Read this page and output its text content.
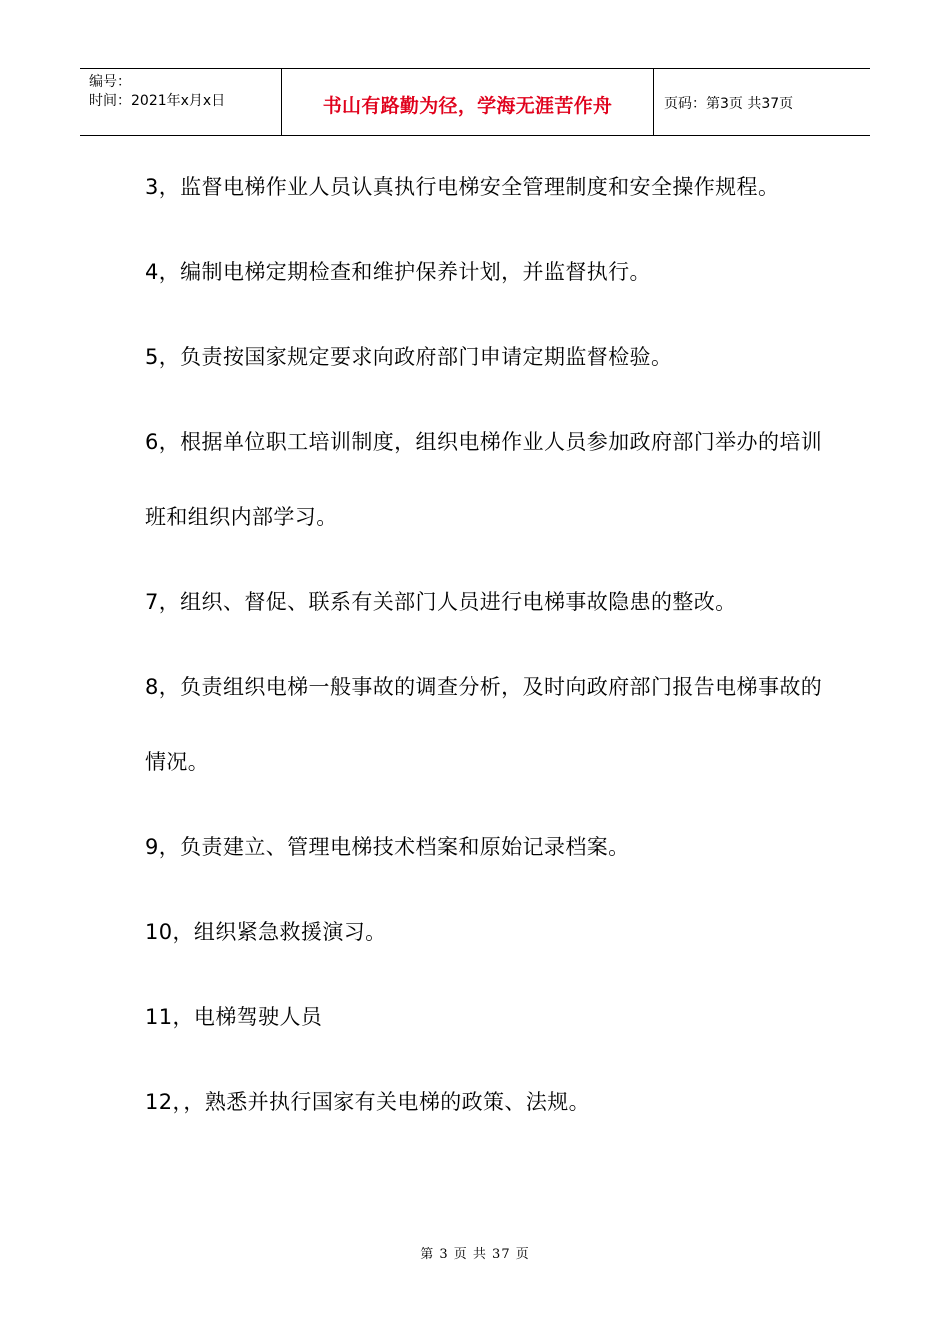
编号：
时间：2021年x月x日	书山有路勤为径，学海无涯苦作舟	页码：第3页 共37页

3，监督电梯作业人员认真执行电梯安全管理制度和安全操作规程。

4，编制电梯定期检查和维护保养计划，并监督执行。

5，负责按国家规定要求向政府部门申请定期监督检验。

6，根据单位职工培训制度，组织电梯作业人员参加政府部门举办的培训班和组织内部学习。

7，组织、督促、联系有关部门人员进行电梯事故隐患的整改。

8，负责组织电梯一般事故的调查分析，及时向政府部门报告电梯事故的情况。

9，负责建立、管理电梯技术档案和原始记录档案。

10，组织紧急救援演习。

11，电梯驾驶人员

12，，熟悉并执行国家有关电梯的政策、法规。

第 3 页 共 37 页
